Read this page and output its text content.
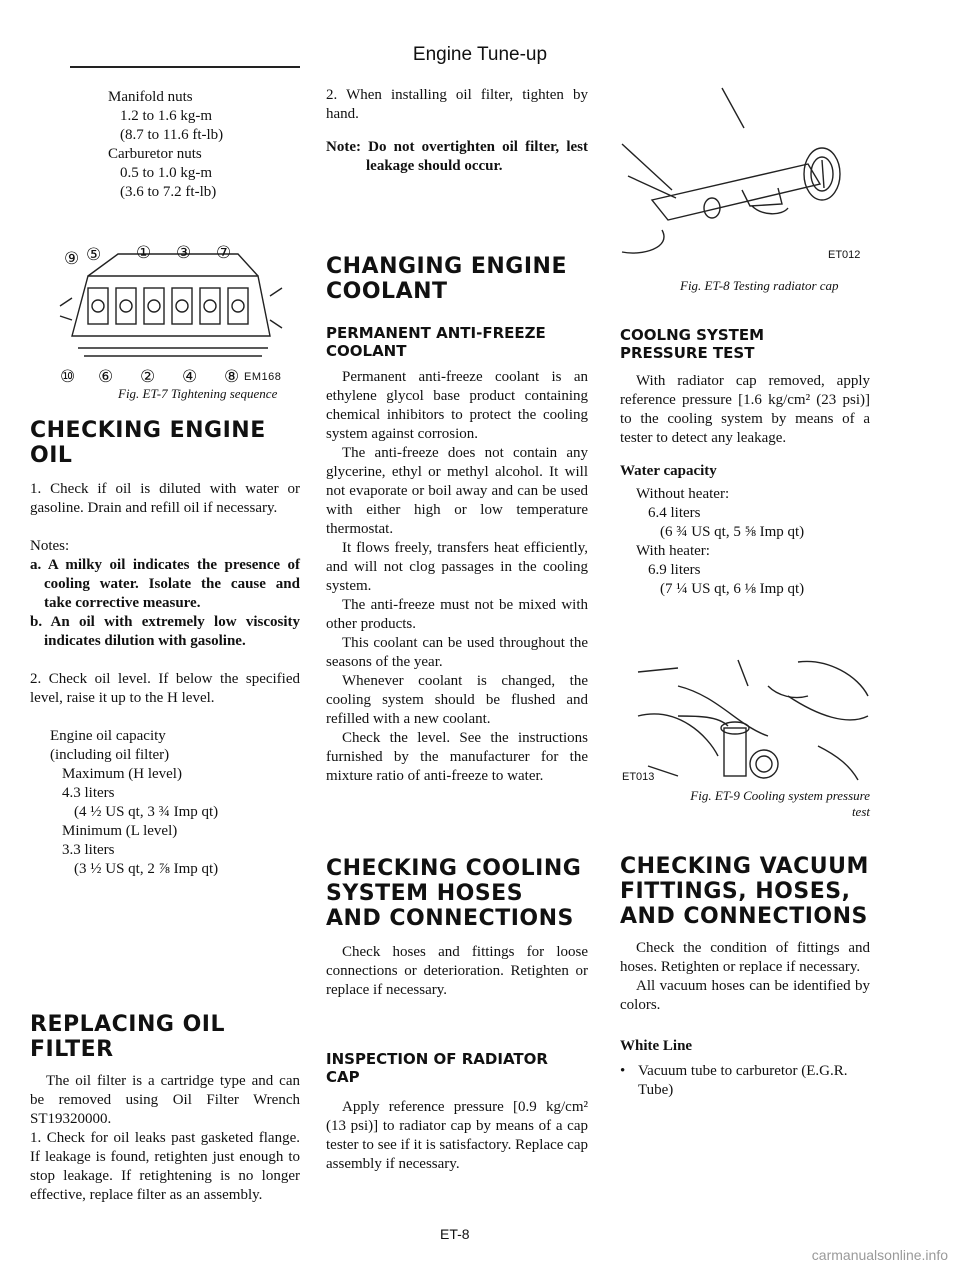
Engine Tune-up
Manifold nuts
1.2 to 1.6 kg-m
(8.7 to 11.6 ft-lb)
Carburetor nuts
0.5 to 1.0 kg-m
(3.6 to 7.2 ft-lb)
⑨ ⑤ ① ③ ⑦
⑩ ⑥ ② ④ ⑧ EM168
Fig. ET-7 Tightening sequence
CHECKING ENGINE
OIL

1. Check if oil is diluted with water or gasoline. Drain and refill oil if necessary.

Notes:

a. A milky oil indicates the presence of cooling water. Isolate the cause and take corrective measure.

b. An oil with extremely low viscosity indicates dilution with gasoline.

2. Check oil level. If below the specified level, raise it up to the H level.

Engine oil capacity
(including oil filter)
Maximum (H level)
4.3 liters
(4 ½ US qt, 3 ¾ Imp qt)
Minimum (L level)
3.3 liters
(3 ½ US qt, 2 ⅞ Imp qt)
REPLACING OIL
FILTER

The oil filter is a cartridge type and can be removed using Oil Filter Wrench ST19320000.

1. Check for oil leaks past gasketed flange. If leakage is found, retighten just enough to stop leakage. If retightening is no longer effective, replace filter as an assembly.

2. When installing oil filter, tighten by hand.

Note: Do not overtighten oil filter, lest leakage should occur.

CHANGING ENGINE
COOLANT
PERMANENT ANTI-FREEZE
COOLANT

Permanent anti-freeze coolant is an ethylene glycol base product containing chemical inhibitors to protect the cooling system against corrosion.

The anti-freeze does not contain any glycerine, ethyl or methyl alcohol. It will not evaporate or boil away and can be used with either high or low temperature thermostat.

It flows freely, transfers heat efficiently, and will not clog passages in the cooling system.

The anti-freeze must not be mixed with other products.

This coolant can be used throughout the seasons of the year.

Whenever coolant is changed, the cooling system should be flushed and refilled with a new coolant.

Check the level. See the instructions furnished by the manufacturer for the mixture ratio of anti-freeze to water.

CHECKING COOLING
SYSTEM HOSES
AND CONNECTIONS

Check hoses and fittings for loose connections or deterioration. Retighten or replace if necessary.

INSPECTION OF RADIATOR
CAP

Apply reference pressure [0.9 kg/cm² (13 psi)] to radiator cap by means of a cap tester to see if it is satisfactory. Replace cap assembly if necessary.

ET-8
ET012
Fig. ET-8 Testing radiator cap
COOLNG SYSTEM
PRESSURE TEST

With radiator cap removed, apply reference pressure [1.6 kg/cm² (23 psi)] to the cooling system by means of a tester to detect any leakage.

Water capacity

Without heater:
6.4 liters
(6 ¾ US qt, 5 ⅝ Imp qt)
With heater:
6.9 liters
(7 ¼ US qt, 6 ⅛ Imp qt)
ET013
Fig. ET-9 Cooling system pressure
test
CHECKING VACUUM
FITTINGS, HOSES,
AND CONNECTIONS

Check the condition of fittings and hoses. Retighten or replace if necessary.

All vacuum hoses can be identified by colors.

White Line

• Vacuum tube to carburetor (E.G.R. Tube)
carmanualsonline.info
